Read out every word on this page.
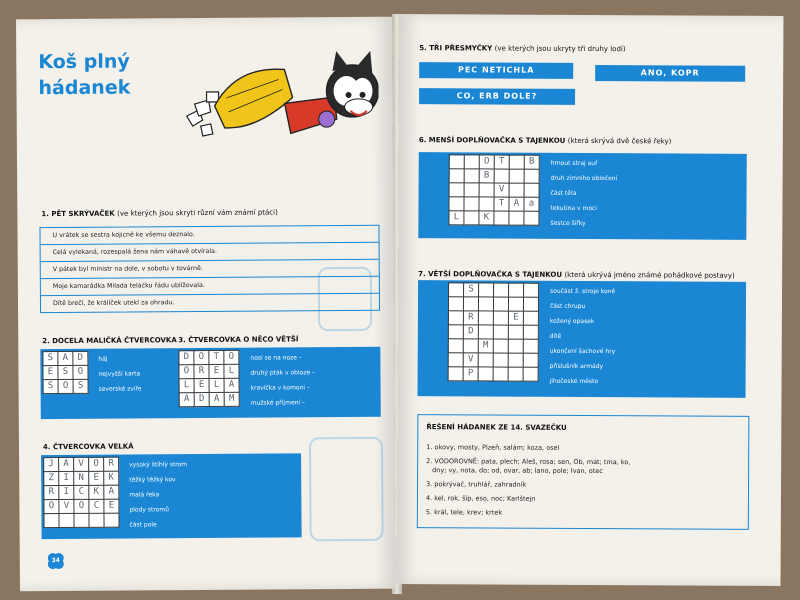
Koš plný
hádanek
1. PĚT SKRÝVAČEK (ve kterých jsou skryti různí vám známí ptáci)
U vrátek se sestra kojicně ke všemu deznalo.
Celá vylekaná, rozespalá žena nám váhavě otvírala.
V pátek byl ministr na dole, v sobotu v továrně.
Moje kamarádka Milada teláčku řádu ublížovala.
Dítě brečí, že králíček utekl za ohradu.
2. DOCELA MALIČKÁ ČTVERCOVKA 3. ČTVERCOVKA O NĚCO VĚTŠÍ
S	A	D
E	S	O
S	O	S
háj
nejvyšší karta
severské zvíře
D	O	T	O
O	R	E	L
L	E	L	A
A	D	A	M
nosí se na noze –
druhý pták v obloze –
kravička v komoni –
mužské příjmení –
4. ČTVERCOVKA VELKÁ
J	A	V	O	R
Z	I	N	E	K
R	I	C	K	A
O	V	O	C	E

vysoký štíhlý strom
těžký těžký kov
malá řeka
plody stromů
část pole
34
5. TŘI PŘESMYČKY (ve kterých jsou ukryty tři druhy lodí)
PEC NETICHLA	ANO, KOPR
CO, ERB DOLE?
6. MENŠÍ DOPLŇOVAČKA S TAJENKOU (která skrývá dvě české řeky)
		O	T		B
		B			
			V		
			T	A	a
L		K			
hrnout straj auf
druh zimního oblečení
část těla
tekutina v moci
šestce šířky
7. VĚTŠÍ DOPLŇOVAČKA S TAJENKOU (která ukrývá jméno známé pohádkové postavy)
	S				

	R			E	
	D				
		M			
	V				
	P				
součást ž. stroje koně
část chrupu
kožený opasek
dítě
ukončení šachové hry
příslušník armády
jihočeské město
ŘEŠENÍ HÁDANEK ZE 14. SVAZEČKU
1. okovy, mosty, Plzeň, salám; koza, osel
2. VODOROVNĚ: pata, plech; Aleš, rosa; sen, Ob, mat; tma, ko,
dny; vy, nota, do; od, ovar, ab; lano, pole; Ivan, otec
3. pokrývač, truhlář, zahradník
4. kel, rok, šíp, eso, noc; Karlštejn
5. král, tele, krev; krtek
